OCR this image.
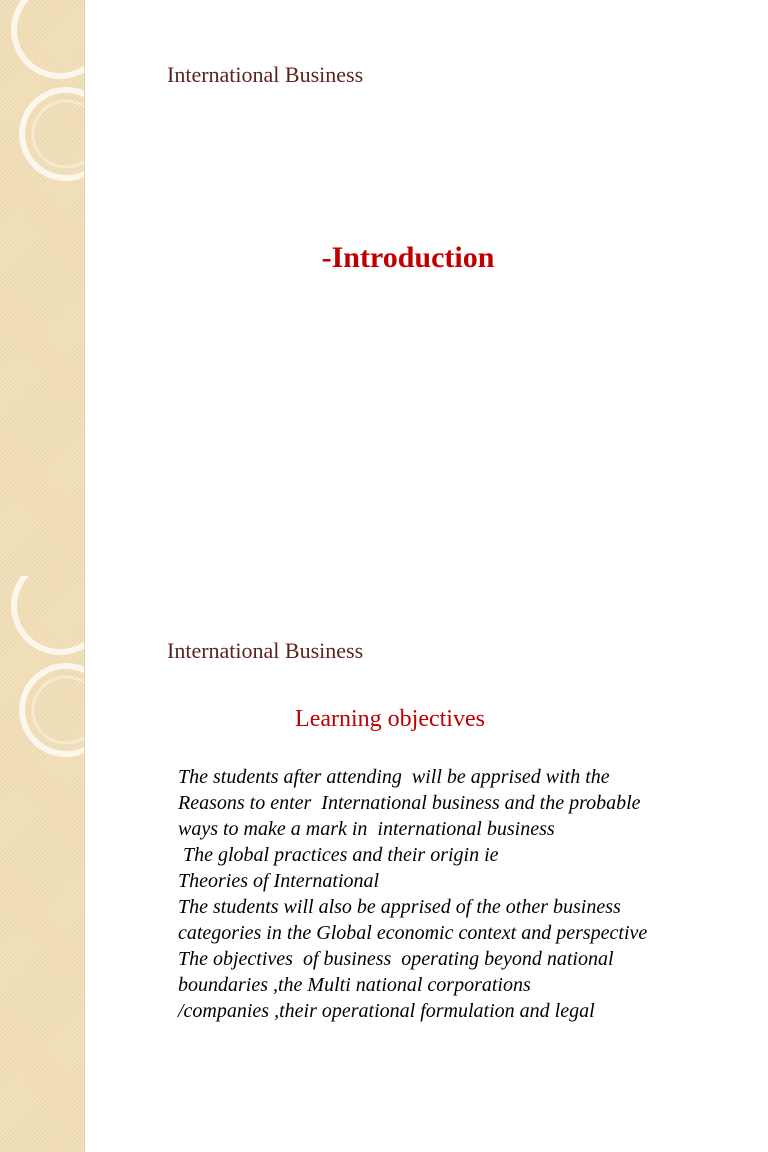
International Business
-Introduction
International Business
Learning objectives
The students after attending  will be apprised with the
Reasons to enter  International business and the probable
ways to make a mark in  international business
The global practices and their origin ie
Theories of International
The students will also be apprised of the other business
categories in the Global economic context and perspective
The objectives  of business  operating beyond national
boundaries ,the Multi national corporations
/companies ,their operational formulation and legal
